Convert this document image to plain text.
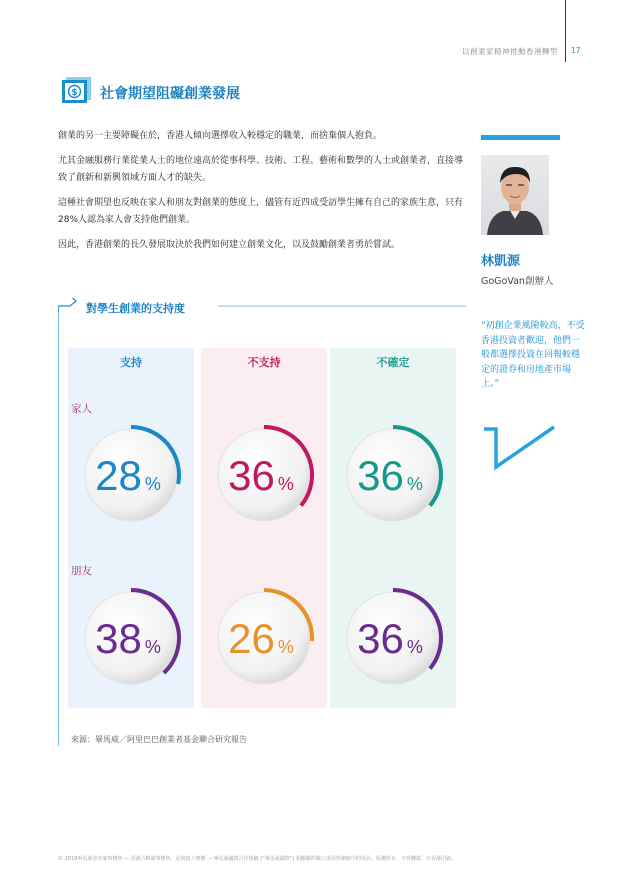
以創業家精神推動香港轉型 17
$ 社會期望阻礙創業發展

創業的另一主要障礙在於，香港人傾向選擇收入較穩定的職業，而捨棄個人抱負。

尤其金融服務行業從業人士的地位遠高於從事科學、技術、工程、藝術和數學的人士或創業者，直接導致了創新和新興領域方面人才的缺失。

這種社會期望也反映在家人和朋友對創業的態度上，儘管有近四成受訪學生擁有自己的家族生意，只有28%人認為家人會支持他們創業。

因此，香港創業的長久發展取決於我們如何建立創業文化，以及鼓勵創業者勇於嘗試。

林凱源
GoGoVan創辦人
“初創企業風險較高，不受香港投資者歡迎，他們一般都選擇投資在回報較穩定的證券和房地產市場上。”
對學生創業的支持度
支持	不支持	不確定
家人
朋友
28 % 36 % 36 %
38 % 26 % 36 %
來源：畢馬威／阿里巴巴創業者基金聯合研究報告
© 2018畢馬威會計師事務所 — 香港合夥制事務所，是與瑞士實體 — 畢馬威國際合作組織 (“畢馬威國際”) 相關聯的獨立成員所網絡中的成員。版權所有，不得轉載。在香港印刷。
